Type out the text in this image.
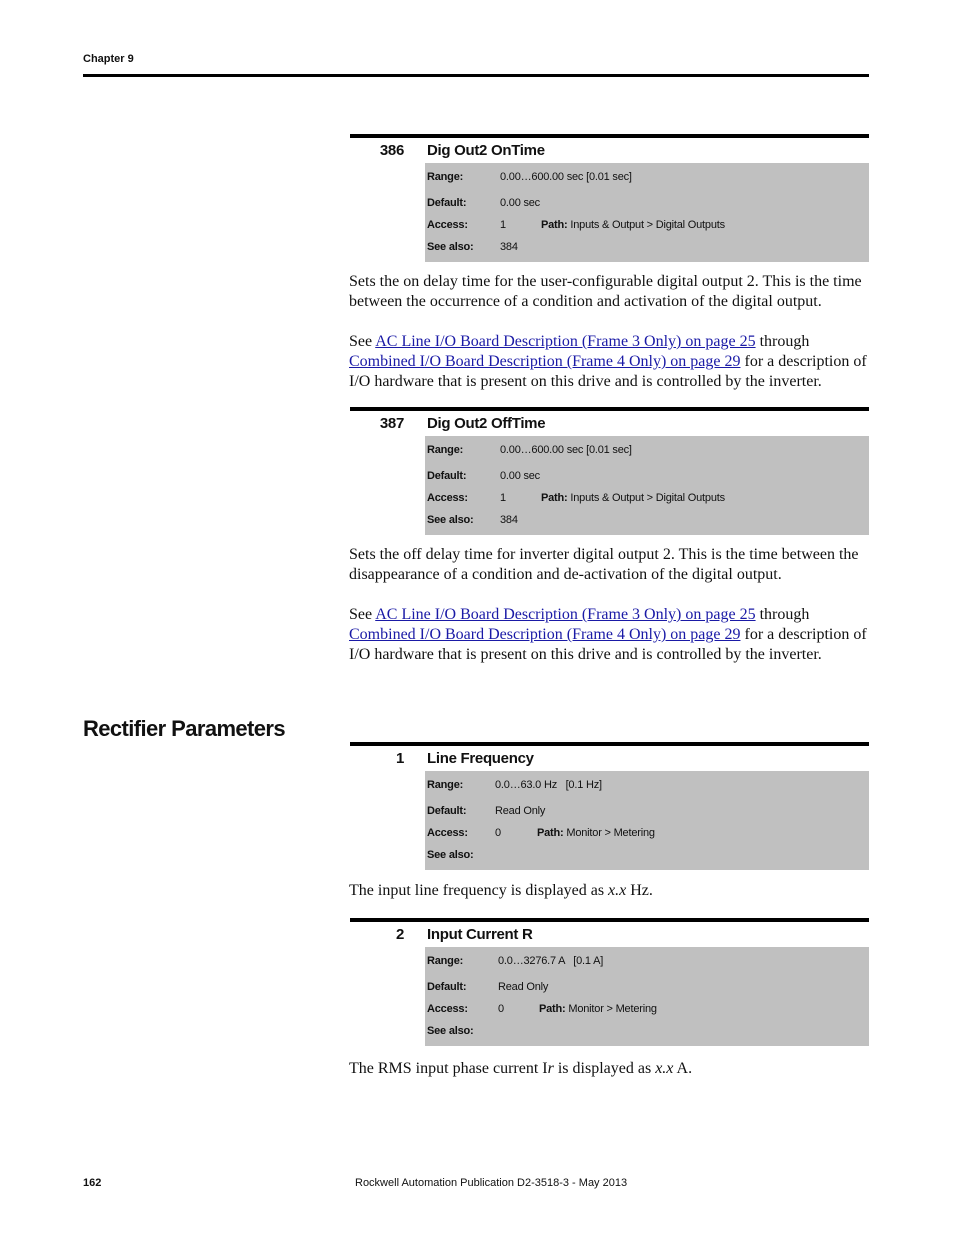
Chapter 9
386 Dig Out2 OnTime
Range:	0.00…600.00 sec [0.01 sec]
Default:	0.00 sec
Access:	1	Path: Inputs & Output > Digital Outputs
See also: 384

Sets the on delay time for the user-configurable digital output 2. This is the time between the occurrence of a condition and activation of the digital output.

See AC Line I/O Board Description (Frame 3 Only) on page 25 through Combined I/O Board Description (Frame 4 Only) on page 29 for a description of I/O hardware that is present on this drive and is controlled by the inverter.

387 Dig Out2 OffTime
Range:	0.00…600.00 sec [0.01 sec]
Default:	0.00 sec
Access:	1	Path: Inputs & Output > Digital Outputs
See also: 384

Sets the off delay time for inverter digital output 2. This is the time between the disappearance of a condition and de-activation of the digital output.

See AC Line I/O Board Description (Frame 3 Only) on page 25 through Combined I/O Board Description (Frame 4 Only) on page 29 for a description of I/O hardware that is present on this drive and is controlled by the inverter.

Rectifier Parameters
1 Line Frequency
Range:	0.0…63.0 Hz   [0.1 Hz]
Default:	Read Only
Access: 0	Path: Monitor > Metering
See also:

The input line frequency is displayed as x.x Hz.

2 Input Current R
Range:	0.0…3276.7 A   [0.1 A]
Default:	Read Only
Access:	0	Path: Monitor > Metering
See also:

The RMS input phase current Ir is displayed as x.x A.

162	Rockwell Automation Publication D2-3518-3 - May 2013
